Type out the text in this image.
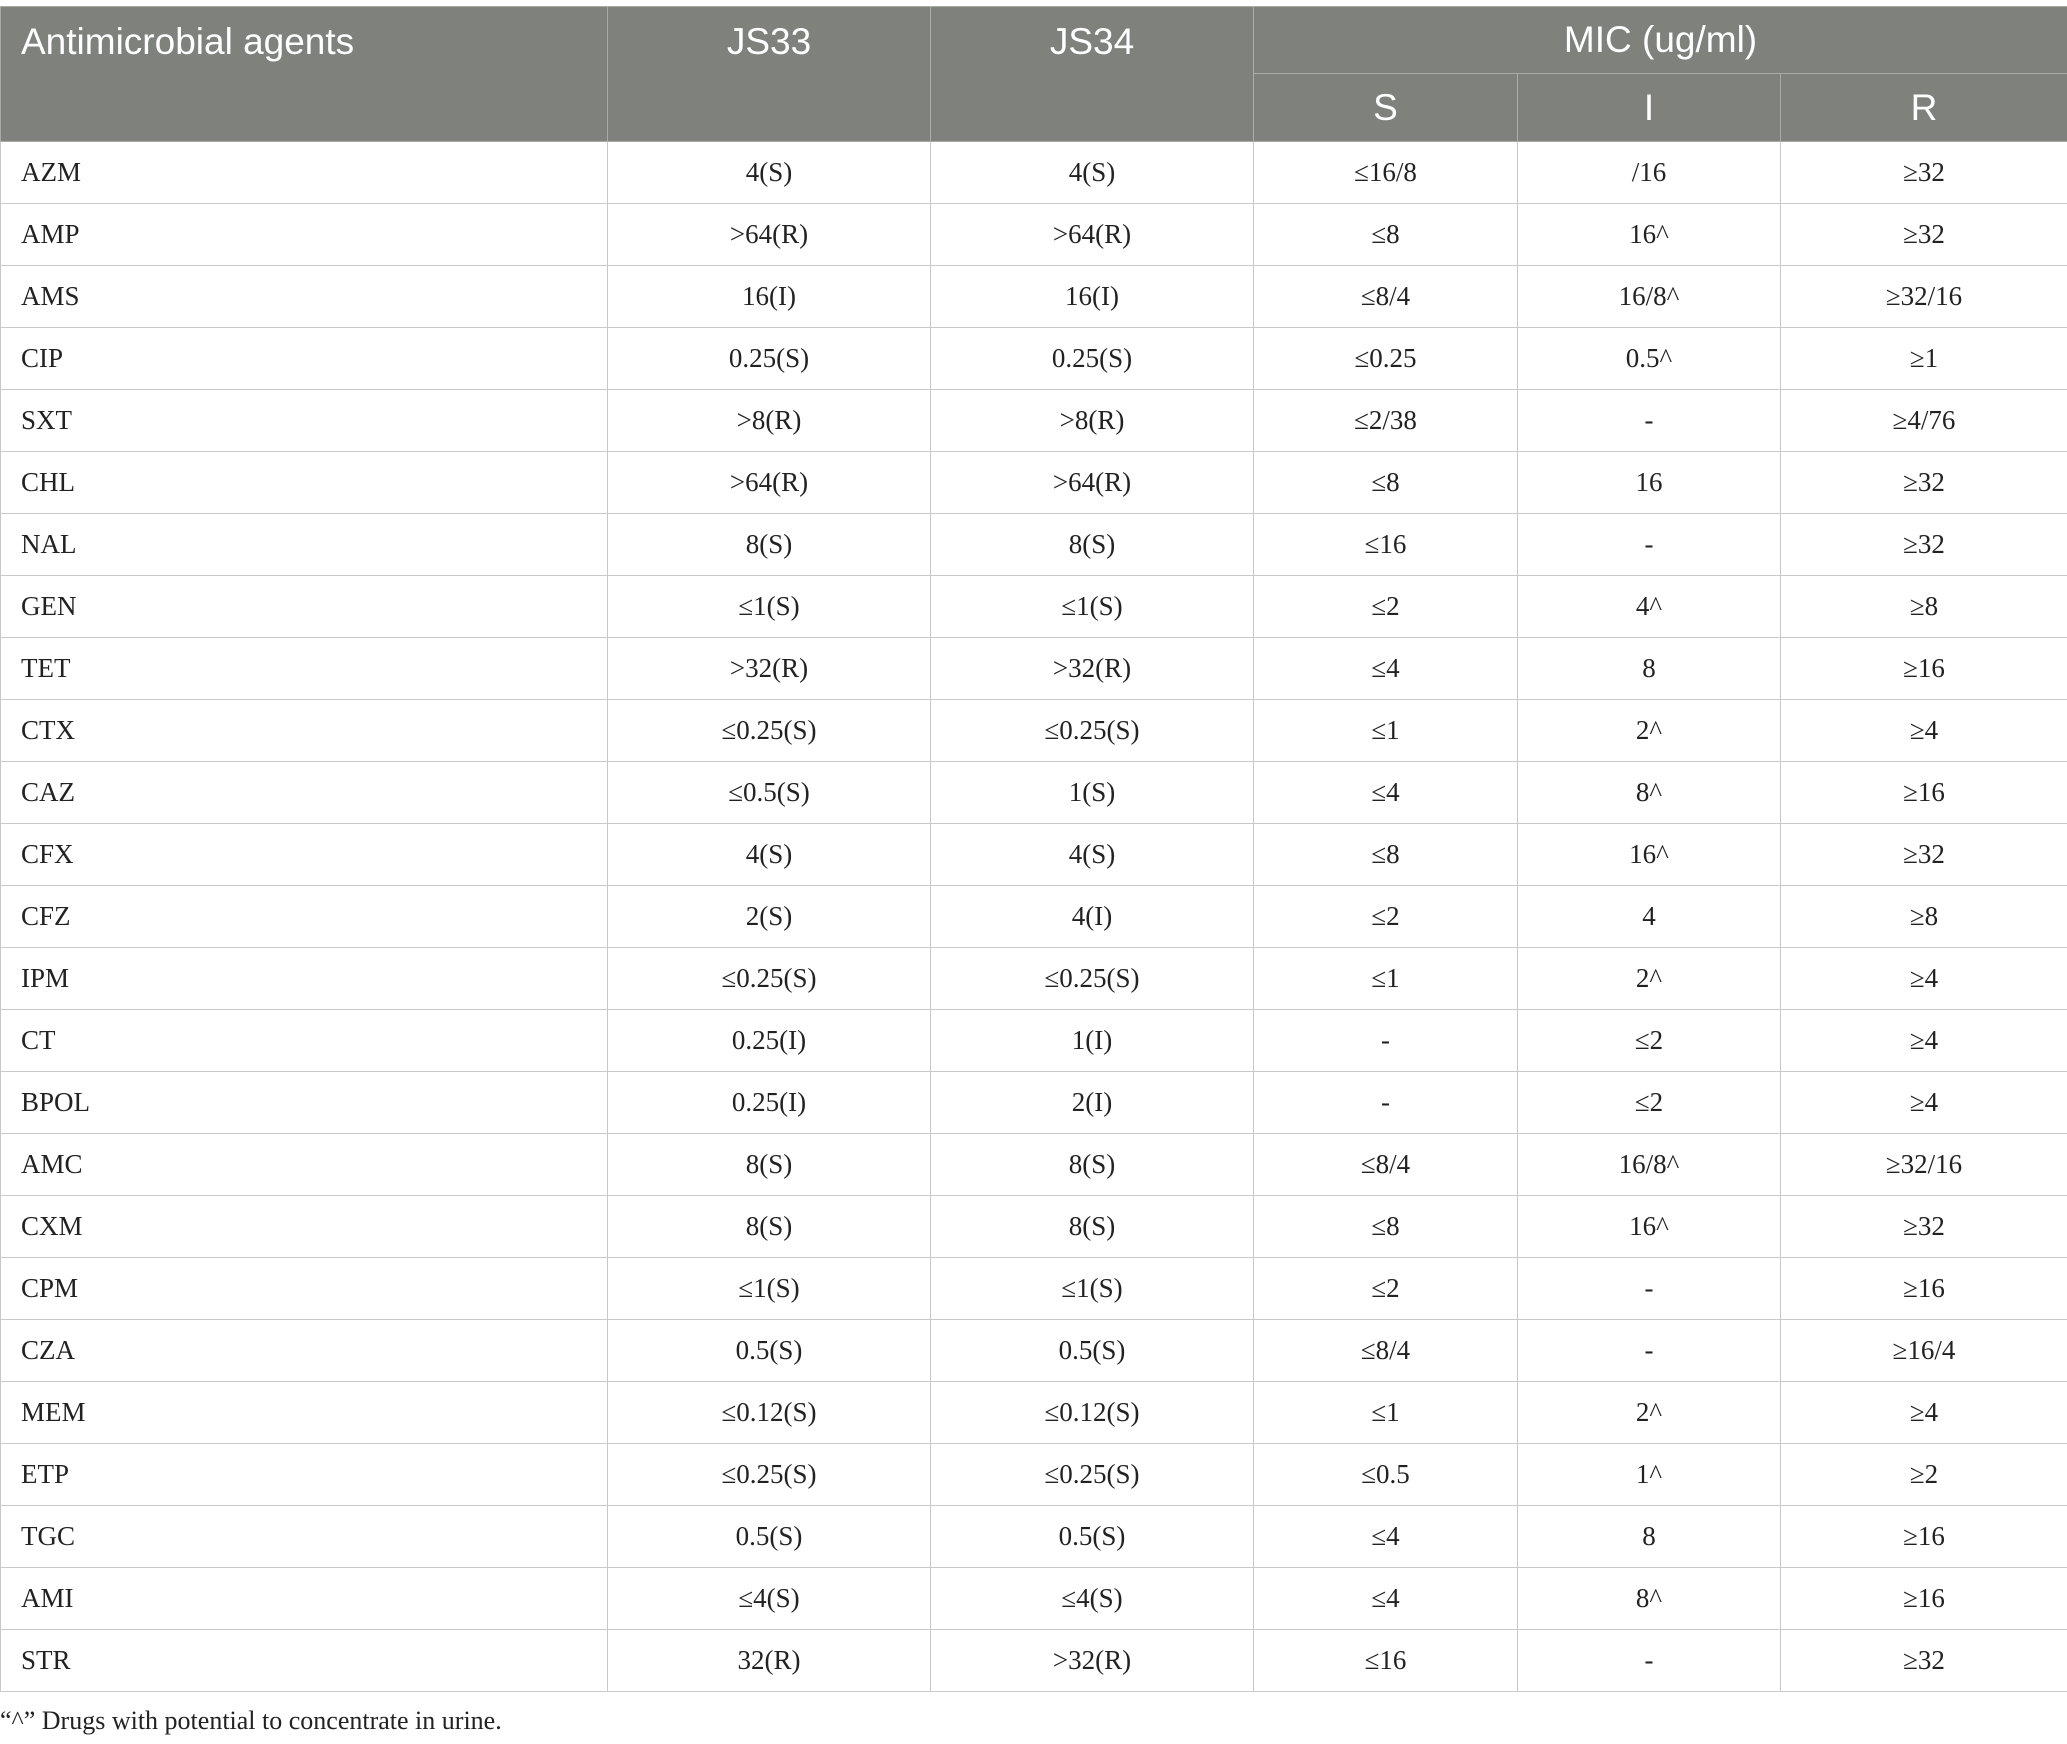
Antimicrobial agents	JS33	JS34	MIC (ug/ml)		
			S	I	R
AZM	4(S)	4(S)	≤16/8	/16	≥32
AMP	>64(R)	>64(R)	≤8	16^	≥32
AMS	16(I)	16(I)	≤8/4	16/8^	≥32/16
CIP	0.25(S)	0.25(S)	≤0.25	0.5^	≥1
SXT	>8(R)	>8(R)	≤2/38	-	≥4/76
CHL	>64(R)	>64(R)	≤8	16	≥32
NAL	8(S)	8(S)	≤16	-	≥32
GEN	≤1(S)	≤1(S)	≤2	4^	≥8
TET	>32(R)	>32(R)	≤4	8	≥16
CTX	≤0.25(S)	≤0.25(S)	≤1	2^	≥4
CAZ	≤0.5(S)	1(S)	≤4	8^	≥16
CFX	4(S)	4(S)	≤8	16^	≥32
CFZ	2(S)	4(I)	≤2	4	≥8
IPM	≤0.25(S)	≤0.25(S)	≤1	2^	≥4
CT	0.25(I)	1(I)	-	≤2	≥4
BPOL	0.25(I)	2(I)	-	≤2	≥4
AMC	8(S)	8(S)	≤8/4	16/8^	≥32/16
CXM	8(S)	8(S)	≤8	16^	≥32
CPM	≤1(S)	≤1(S)	≤2	-	≥16
CZA	0.5(S)	0.5(S)	≤8/4	-	≥16/4
MEM	≤0.12(S)	≤0.12(S)	≤1	2^	≥4
ETP	≤0.25(S)	≤0.25(S)	≤0.5	1^	≥2
TGC	0.5(S)	0.5(S)	≤4	8	≥16
AMI	≤4(S)	≤4(S)	≤4	8^	≥16
STR	32(R)	>32(R)	≤16	-	≥32
“^” Drugs with potential to concentrate in urine.
